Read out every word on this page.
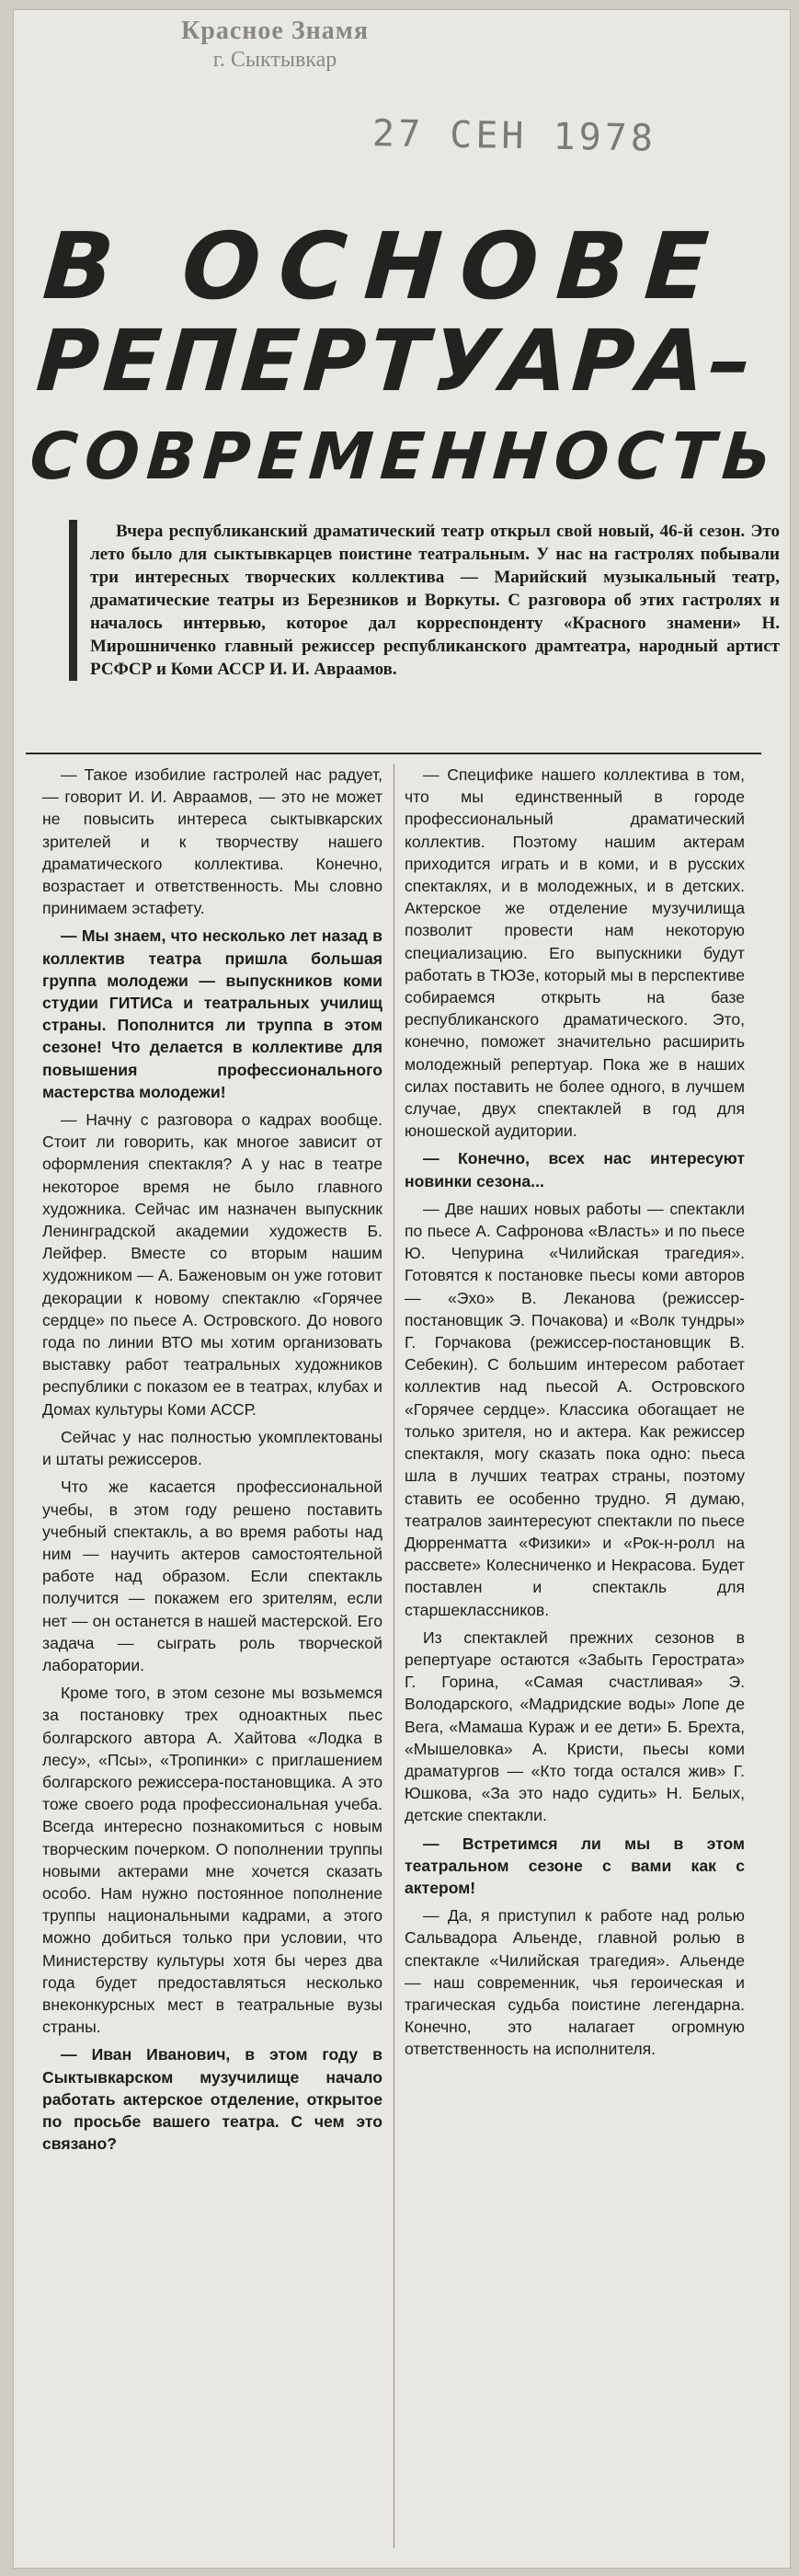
Красное Знамя
г. Сыктывкар
27 СЕН 1978
В ОСНОВЕ
РЕПЕРТУАРА–
СОВРЕМЕННОСТЬ
Вчера республиканский драматический театр открыл свой новый, 46-й сезон. Это лето было для сыктывкарцев поистине театральным. У нас на гастролях побывали три интересных творческих коллектива — Марийский музыкальный театр, драматические театры из Березников и Воркуты. С разговора об этих гастролях и началось интервью, которое дал корреспонденту «Красного знамени» Н. Мирошниченко главный режиссер республиканского драмтеатра, народный артист РСФСР и Коми АССР И. И. Авраамов.

— Такое изобилие гастролей нас радует, — говорит И. И. Авраамов, — это не может не повысить интереса сыктывкарских зрителей и к творчеству нашего драматического коллектива. Конечно, возрастает и ответственность. Мы словно принимаем эстафету.

— Мы знаем, что несколько лет назад в коллектив театра пришла большая группа молодежи — выпускников коми студии ГИТИСа и театральных училищ страны. Пополнится ли труппа в этом сезоне! Что делается в коллективе для повышения профессионального мастерства молодежи!

— Начну с разговора о кадрах вообще. Стоит ли говорить, как многое зависит от оформления спектакля? А у нас в театре некоторое время не было главного художника. Сейчас им назначен выпускник Ленинградской академии художеств Б. Лейфер. Вместе со вторым нашим художником — А. Баженовым он уже готовит декорации к новому спектаклю «Горячее сердце» по пьесе А. Островского. До нового года по линии ВТО мы хотим организовать выставку работ театральных художников республики с показом ее в театрах, клубах и Домах культуры Коми АССР.

Сейчас у нас полностью укомплектованы и штаты режиссеров.

Что же касается профессиональной учебы, в этом году решено поставить учебный спектакль, а во время работы над ним — научить актеров самостоятельной работе над образом. Если спектакль получится — покажем его зрителям, если нет — он останется в нашей мастерской. Его задача — сыграть роль творческой лаборатории.

Кроме того, в этом сезоне мы возьмемся за постановку трех одноактных пьес болгарского автора А. Хайтова «Лодка в лесу», «Псы», «Тропинки» с приглашением болгарского режиссера-постановщика. А это тоже своего рода профессиональная учеба. Всегда интересно познакомиться с новым творческим почерком. О пополнении труппы новыми актерами мне хочется сказать особо. Нам нужно постоянное пополнение труппы национальными кадрами, а этого можно добиться только при условии, что Министерству культуры хотя бы через два года будет предоставляться несколько внеконкурсных мест в театральные вузы страны.

— Иван Иванович, в этом году в Сыктывкарском музучилище начало работать актерское отделение, открытое по просьбе вашего театра. С чем это связано?

— Специфике нашего коллектива в том, что мы единственный в городе профессиональный драматический коллектив. Поэтому нашим актерам приходится играть и в коми, и в русских спектаклях, и в молодежных, и в детских. Актерское же отделение музучилища позволит провести нам некоторую специализацию. Его выпускники будут работать в ТЮЗе, который мы в перспективе собираемся открыть на базе республиканского драматического. Это, конечно, поможет значительно расширить молодежный репертуар. Пока же в наших силах поставить не более одного, в лучшем случае, двух спектаклей в год для юношеской аудитории.

— Конечно, всех нас интересуют новинки сезона...

— Две наших новых работы — спектакли по пьесе А. Сафронова «Власть» и по пьесе Ю. Чепурина «Чилийская трагедия». Готовятся к постановке пьесы коми авторов — «Эхо» В. Леканова (режиссер-постановщик Э. Почакова) и «Волк тундры» Г. Горчакова (режиссер-постановщик В. Себекин). С большим интересом работает коллектив над пьесой А. Островского «Горячее сердце». Классика обогащает не только зрителя, но и актера. Как режиссер спектакля, могу сказать пока одно: пьеса шла в лучших театрах страны, поэтому ставить ее особенно трудно. Я думаю, театралов заинтересуют спектакли по пьесе Дюрренматта «Физики» и «Рок-н-ролл на рассвете» Колесниченко и Некрасова. Будет поставлен и спектакль для старшеклассников.

Из спектаклей прежних сезонов в репертуаре остаются «Забыть Герострата» Г. Горина, «Самая счастливая» Э. Володарского, «Мадридские воды» Лопе де Вега, «Мамаша Кураж и ее дети» Б. Брехта, «Мышеловка» А. Кристи, пьесы коми драматургов — «Кто тогда остался жив» Г. Юшкова, «За это надо судить» Н. Белых, детские спектакли.

— Встретимся ли мы в этом театральном сезоне с вами как с актером!

— Да, я приступил к работе над ролью Сальвадора Альенде, главной ролью в спектакле «Чилийская трагедия». Альенде — наш современник, чья героическая и трагическая судьба поистине легендарна. Конечно, это налагает огромную ответственность на исполнителя.
